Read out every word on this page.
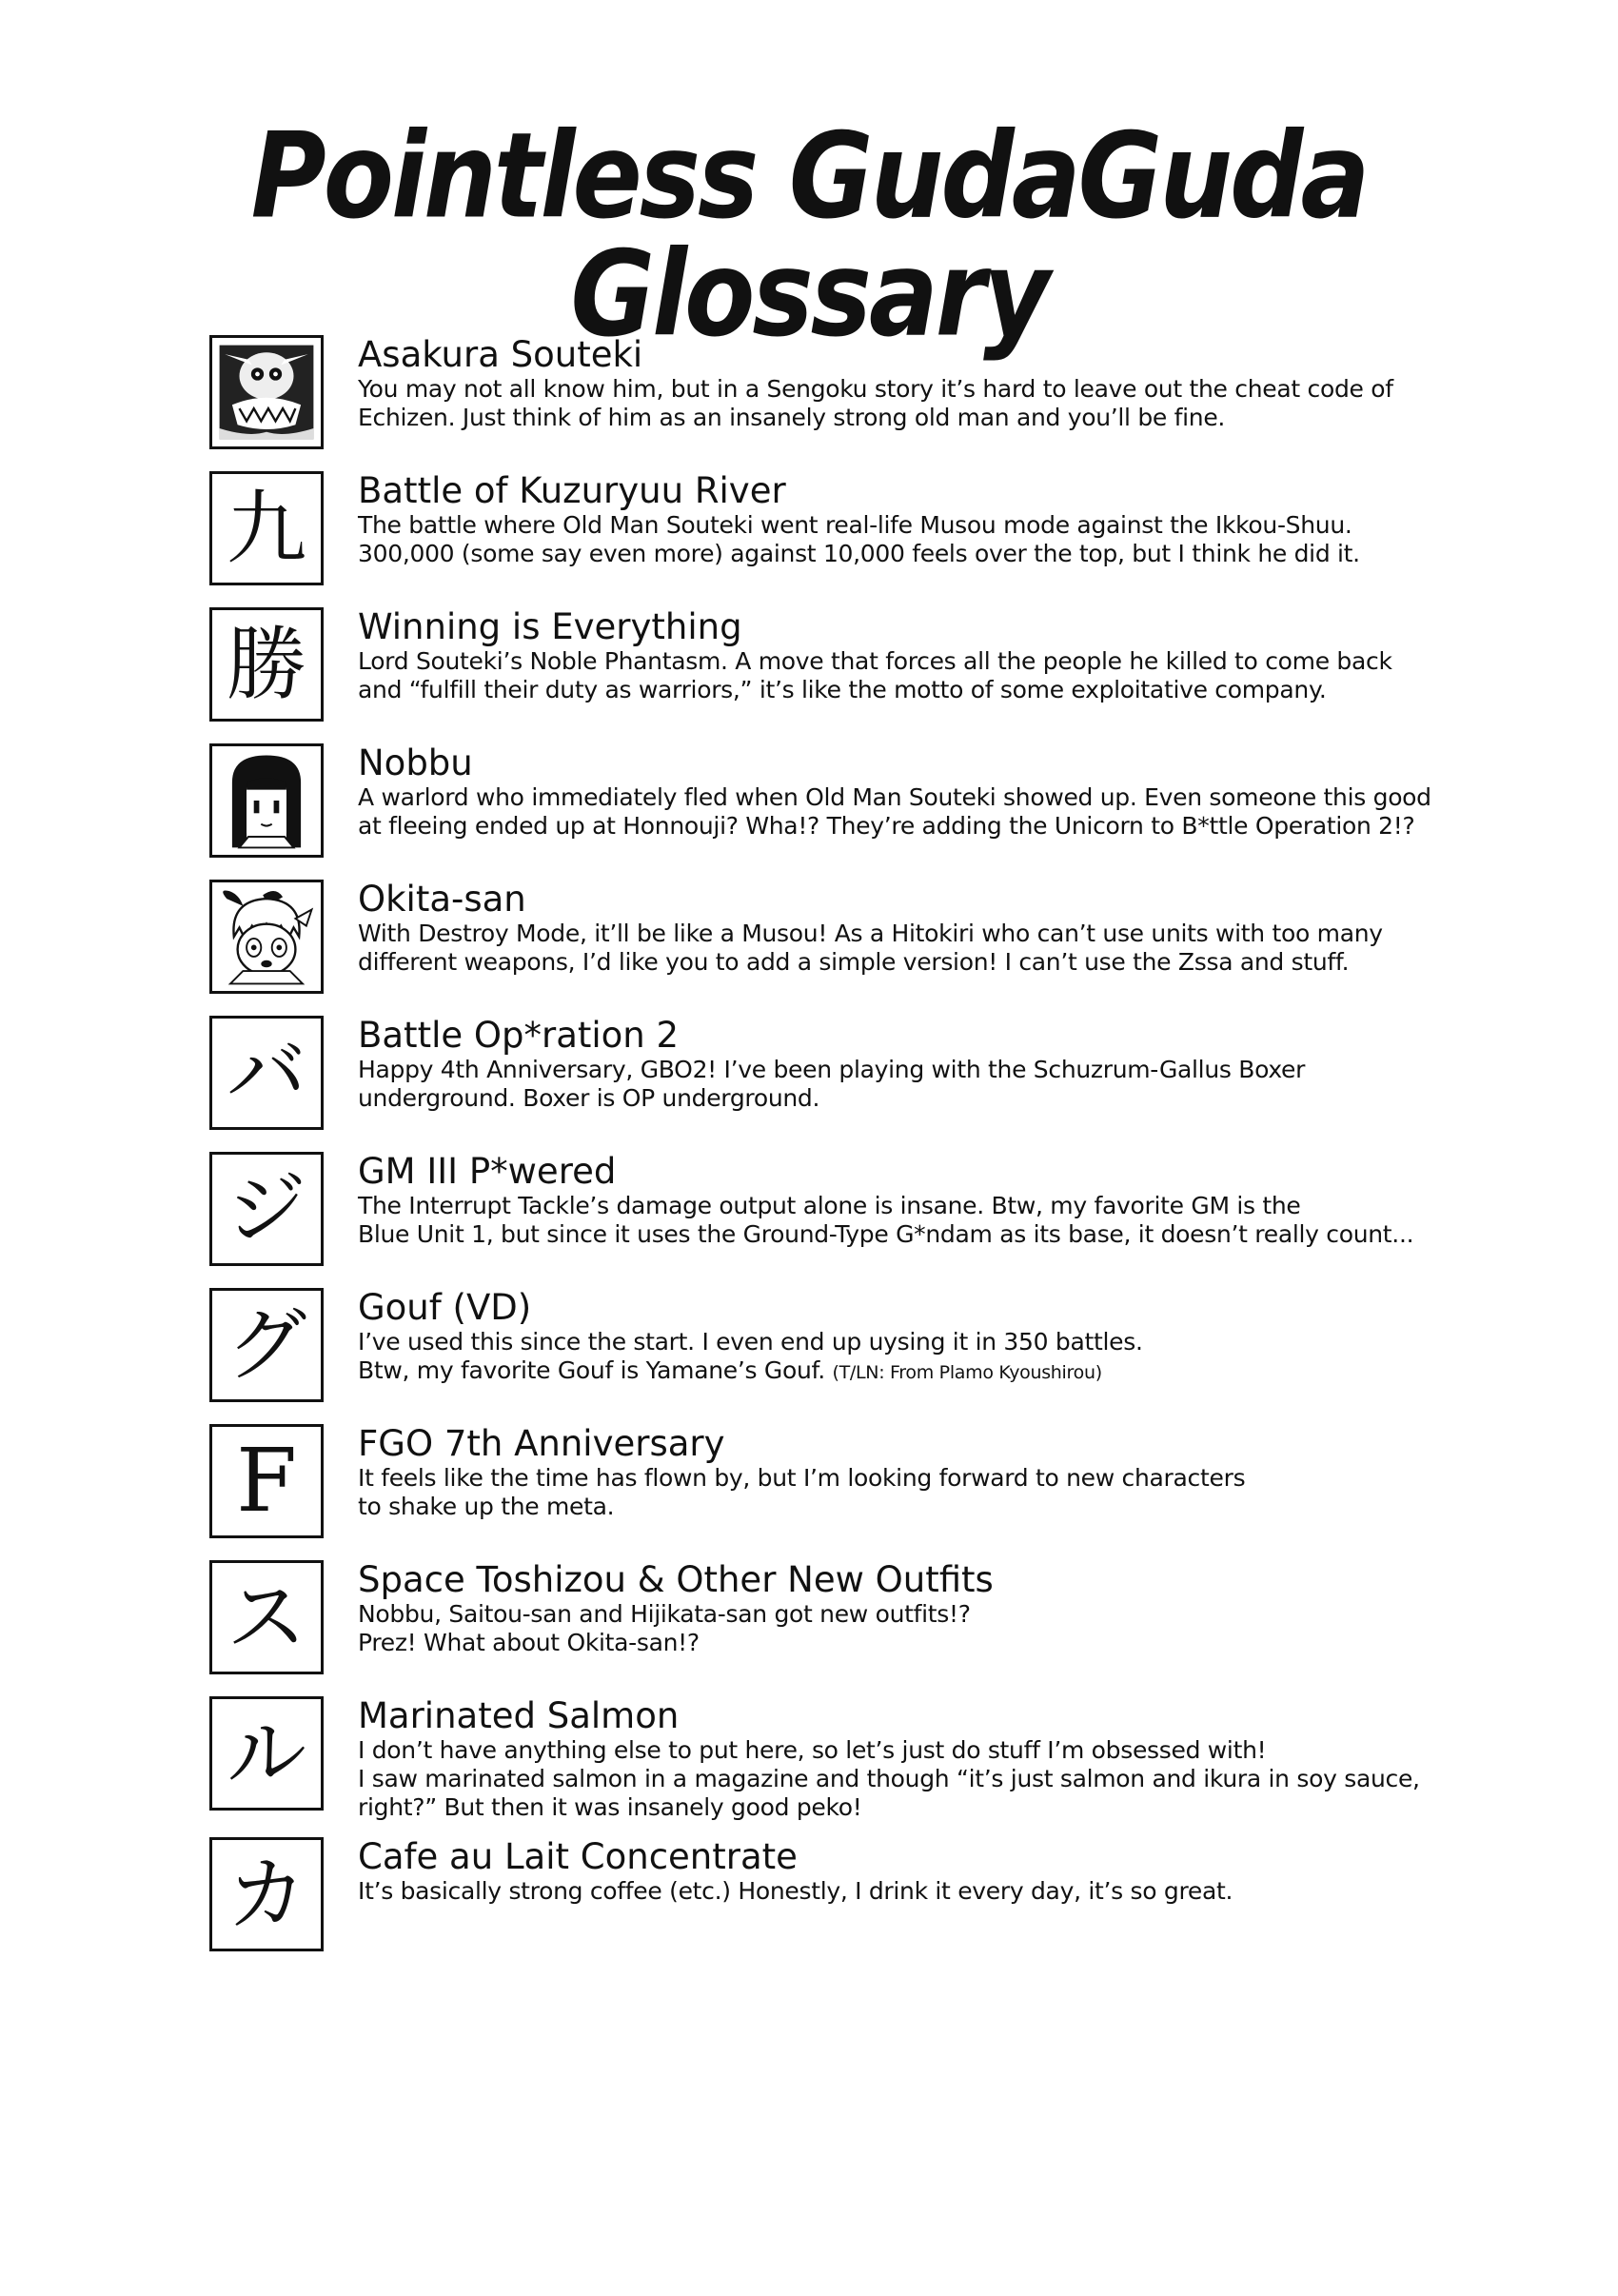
Pointless GudaGuda Glossary
Asakura Souteki
You may not all know him, but in a Sengoku story it’s hard to leave out the cheat code of
Echizen. Just think of him as an insanely strong old man and you’ll be fine.
九 Battle of Kuzuryuu River
The battle where Old Man Souteki went real-life Musou mode against the Ikkou-Shuu.
300,000 (some say even more) against 10,000 feels over the top, but I think he did it.
勝 Winning is Everything
Lord Souteki’s Noble Phantasm. A move that forces all the people he killed to come back
and “fulfill their duty as warriors,” it’s like the motto of some exploitative company.
Nobbu
A warlord who immediately fled when Old Man Souteki showed up. Even someone this good
at fleeing ended up at Honnouji? Wha!? They’re adding the Unicorn to B*ttle Operation 2!?
Okita-san
With Destroy Mode, it’ll be like a Musou! As a Hitokiri who can’t use units with too many
different weapons, I’d like you to add a simple version! I can’t use the Zssa and stuff.
バ Battle Op*ration 2
Happy 4th Anniversary, GBO2! I’ve been playing with the Schuzrum-Gallus Boxer
underground. Boxer is OP underground.
ジ GM III P*wered
The Interrupt Tackle’s damage output alone is insane. Btw, my favorite GM is the
Blue Unit 1, but since it uses the Ground-Type G*ndam as its base, it doesn’t really count...
グ Gouf (VD)
I’ve used this since the start. I even end up uysing it in 350 battles.
Btw, my favorite Gouf is Yamane’s Gouf. (T/LN: From Plamo Kyoushirou)
F FGO 7th Anniversary
It feels like the time has flown by, but I’m looking forward to new characters
to shake up the meta.
ス Space Toshizou & Other New Outfits
Nobbu, Saitou-san and Hijikata-san got new outfits!?
Prez! What about Okita-san!?
ル Marinated Salmon
I don’t have anything else to put here, so let’s just do stuff I’m obsessed with!
I saw marinated salmon in a magazine and though “it’s just salmon and ikura in soy sauce,
right?” But then it was insanely good peko!
カ Cafe au Lait Concentrate
It’s basically strong coffee (etc.) Honestly, I drink it every day, it’s so great.
